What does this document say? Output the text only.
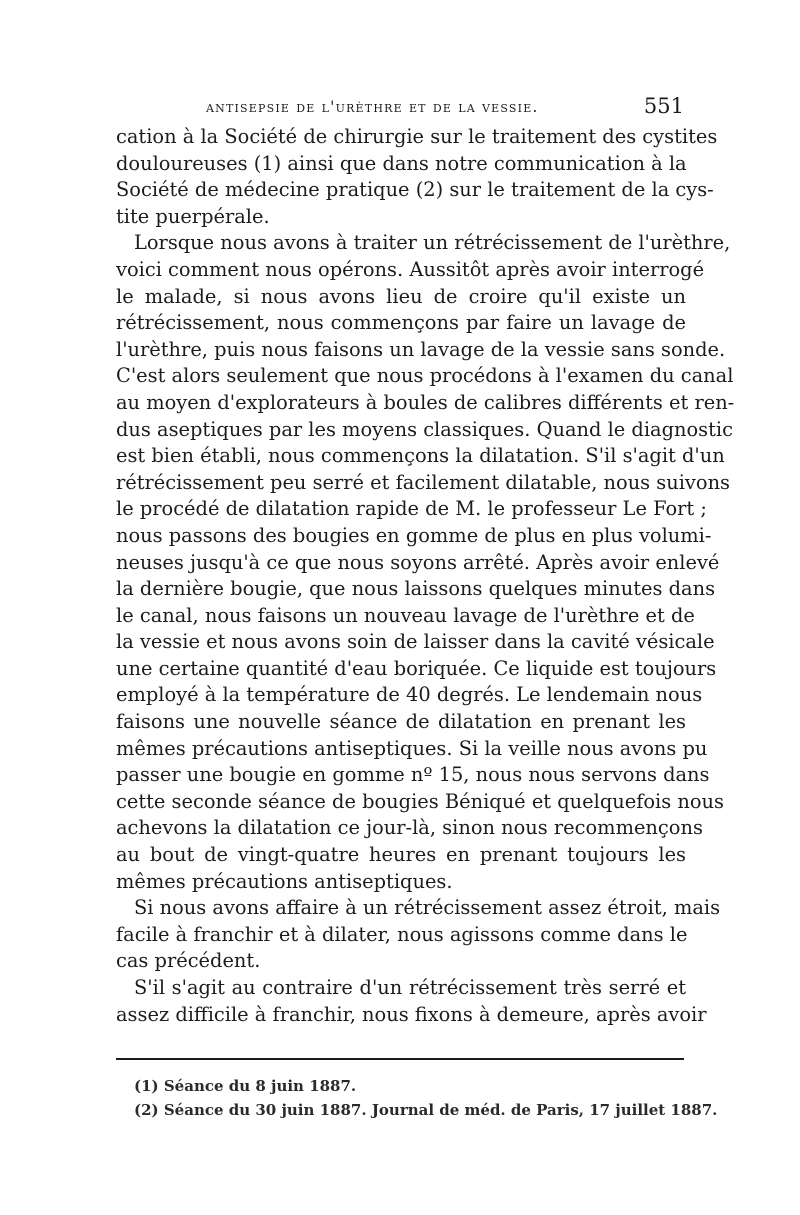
antisepsie de l'urèthre et de la vessie.	551
cation à la Société de chirurgie sur le traitement des cystites
douloureuses (1) ainsi que dans notre communication à la
Société de médecine pratique (2) sur le traitement de la cys-
tite puerpérale.
Lorsque nous avons à traiter un rétrécissement de l'urèthre,
voici comment nous opérons. Aussitôt après avoir interrogé
le malade, si nous avons lieu de croire qu'il existe un
rétrécissement, nous commençons par faire un lavage de
l'urèthre, puis nous faisons un lavage de la vessie sans sonde.
C'est alors seulement que nous procédons à l'examen du canal
au moyen d'explorateurs à boules de calibres différents et ren-
dus aseptiques par les moyens classiques. Quand le diagnostic
est bien établi, nous commençons la dilatation. S'il s'agit d'un
rétrécissement peu serré et facilement dilatable, nous suivons
le procédé de dilatation rapide de M. le professeur Le Fort ;
nous passons des bougies en gomme de plus en plus volumi-
neuses jusqu'à ce que nous soyons arrêté. Après avoir enlevé
la dernière bougie, que nous laissons quelques minutes dans
le canal, nous faisons un nouveau lavage de l'urèthre et de
la vessie et nous avons soin de laisser dans la cavité vésicale
une certaine quantité d'eau boriquée. Ce liquide est toujours
employé à la température de 40 degrés. Le lendemain nous
faisons une nouvelle séance de dilatation en prenant les
mêmes précautions antiseptiques. Si la veille nous avons pu
passer une bougie en gomme nº 15, nous nous servons dans
cette seconde séance de bougies Béniqué et quelquefois nous
achevons la dilatation ce jour-là, sinon nous recommençons
au bout de vingt-quatre heures en prenant toujours les
mêmes précautions antiseptiques.
Si nous avons affaire à un rétrécissement assez étroit, mais
facile à franchir et à dilater, nous agissons comme dans le
cas précédent.
S'il s'agit au contraire d'un rétrécissement très serré et
assez difficile à franchir, nous fixons à demeure, après avoir
(1) Séance du 8 juin 1887.
(2) Séance du 30 juin 1887. Journal de méd. de Paris, 17 juillet 1887.
